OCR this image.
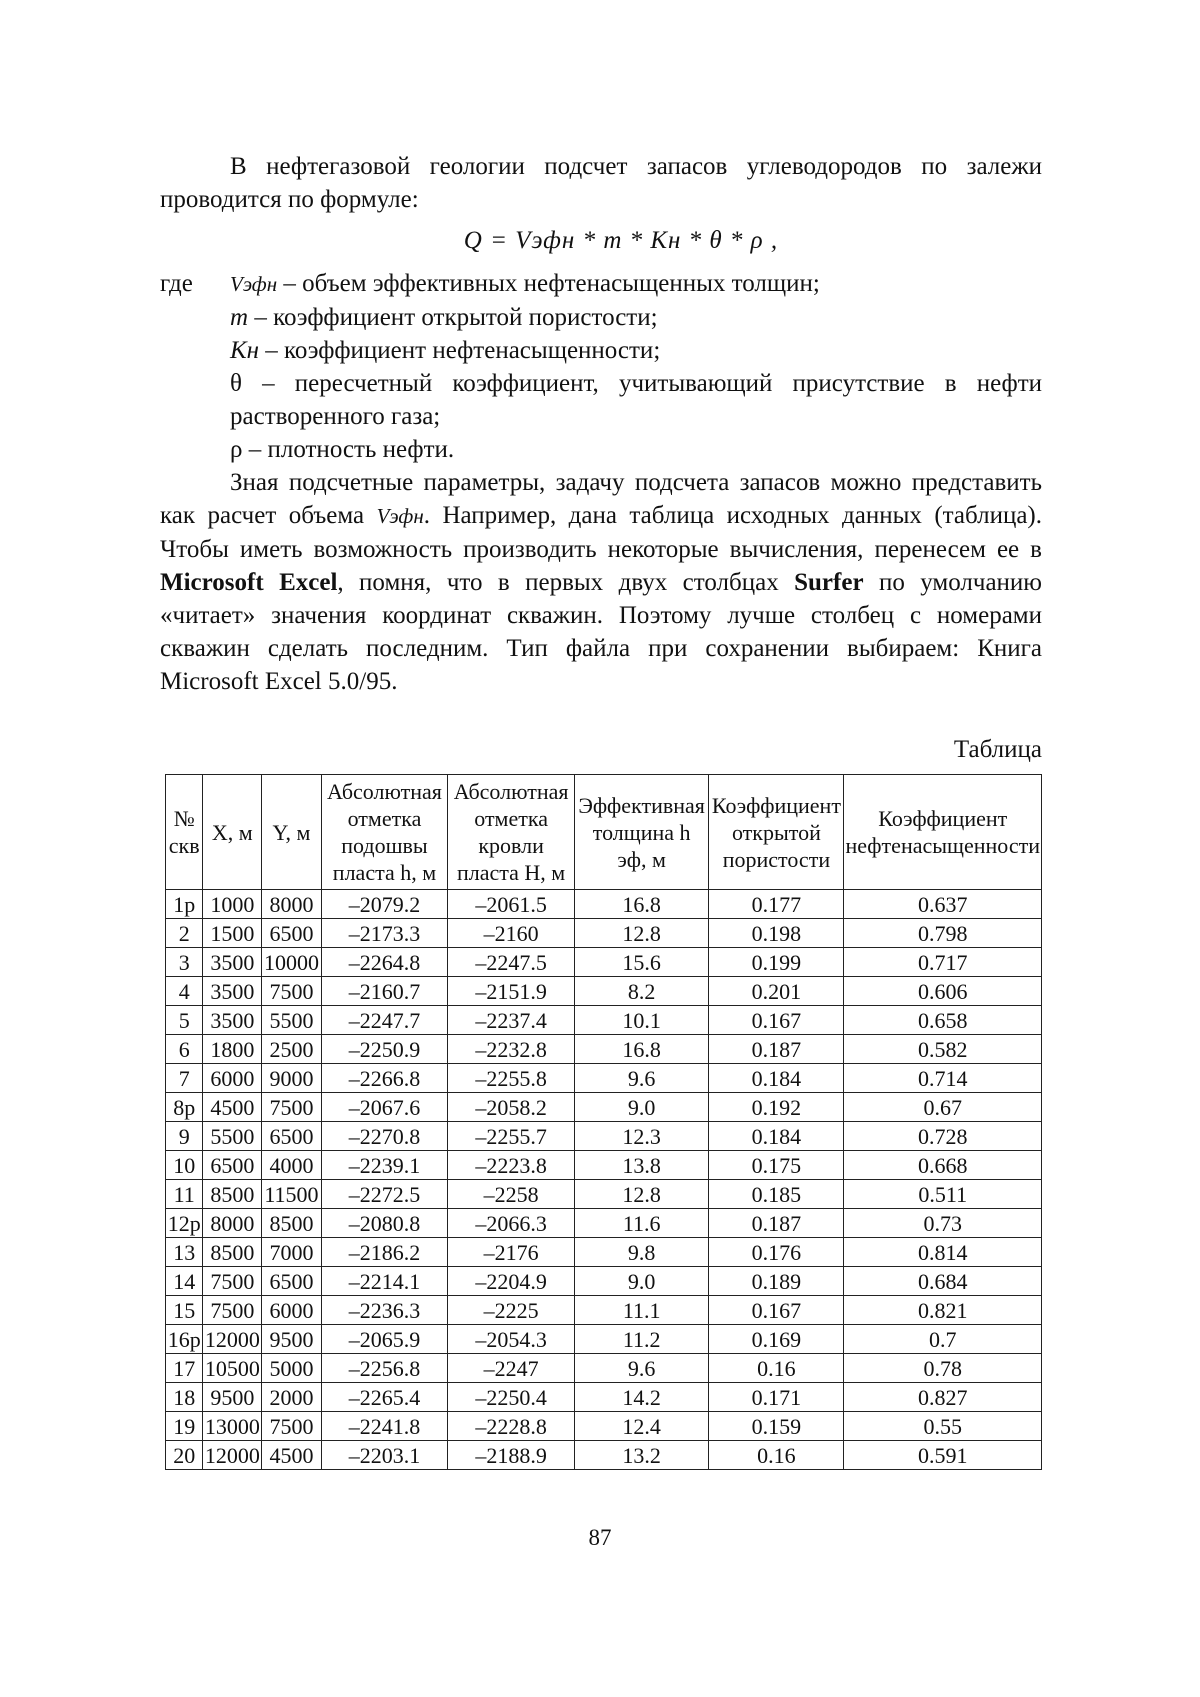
В нефтегазовой геологии подсчет запасов углеводородов по залежи проводится по формуле:

Q = Vэфн * m * Кн * θ * ρ ,
где	Vэфн – объем эффективных нефтенасыщенных толщин;
m – коэффициент открытой пористости;
Кн – коэффициент нефтенасыщенности;
θ – пересчетный коэффициент, учитывающий присутствие в нефти растворенного газа;
ρ – плотность нефти.

Зная подсчетные параметры, задачу подсчета запасов можно представить как расчет объема Vэфн. Например, дана таблица исходных данных (таблица). Чтобы иметь возможность производить некоторые вычисления, перенесем ее в Microsoft Excel, помня, что в первых двух столбцах Surfer по умолчанию «читает» значения координат скважин. Поэтому лучше столбец с номерами скважин сделать последним. Тип файла при сохранении выбираем: Книга Microsoft Excel 5.0/95.

Таблица
№ скв	X, м	Y, м	Абсолютная отметка подошвы пласта h, м	Абсолютная отметка кровли пласта H, м	Эффективная толщина h эф, м	Коэффициент открытой пористости	Коэффициент нефтенасыщенности
1р	1000	8000	–2079.2	–2061.5	16.8	0.177	0.637
2	1500	6500	–2173.3	–2160	12.8	0.198	0.798
3	3500	10000	–2264.8	–2247.5	15.6	0.199	0.717
4	3500	7500	–2160.7	–2151.9	8.2	0.201	0.606
5	3500	5500	–2247.7	–2237.4	10.1	0.167	0.658
6	1800	2500	–2250.9	–2232.8	16.8	0.187	0.582
7	6000	9000	–2266.8	–2255.8	9.6	0.184	0.714
8р	4500	7500	–2067.6	–2058.2	9.0	0.192	0.67
9	5500	6500	–2270.8	–2255.7	12.3	0.184	0.728
10	6500	4000	–2239.1	–2223.8	13.8	0.175	0.668
11	8500	11500	–2272.5	–2258	12.8	0.185	0.511
12р	8000	8500	–2080.8	–2066.3	11.6	0.187	0.73
13	8500	7000	–2186.2	–2176	9.8	0.176	0.814
14	7500	6500	–2214.1	–2204.9	9.0	0.189	0.684
15	7500	6000	–2236.3	–2225	11.1	0.167	0.821
16р	12000	9500	–2065.9	–2054.3	11.2	0.169	0.7
17	10500	5000	–2256.8	–2247	9.6	0.16	0.78
18	9500	2000	–2265.4	–2250.4	14.2	0.171	0.827
19	13000	7500	–2241.8	–2228.8	12.4	0.159	0.55
20	12000	4500	–2203.1	–2188.9	13.2	0.16	0.591
87
